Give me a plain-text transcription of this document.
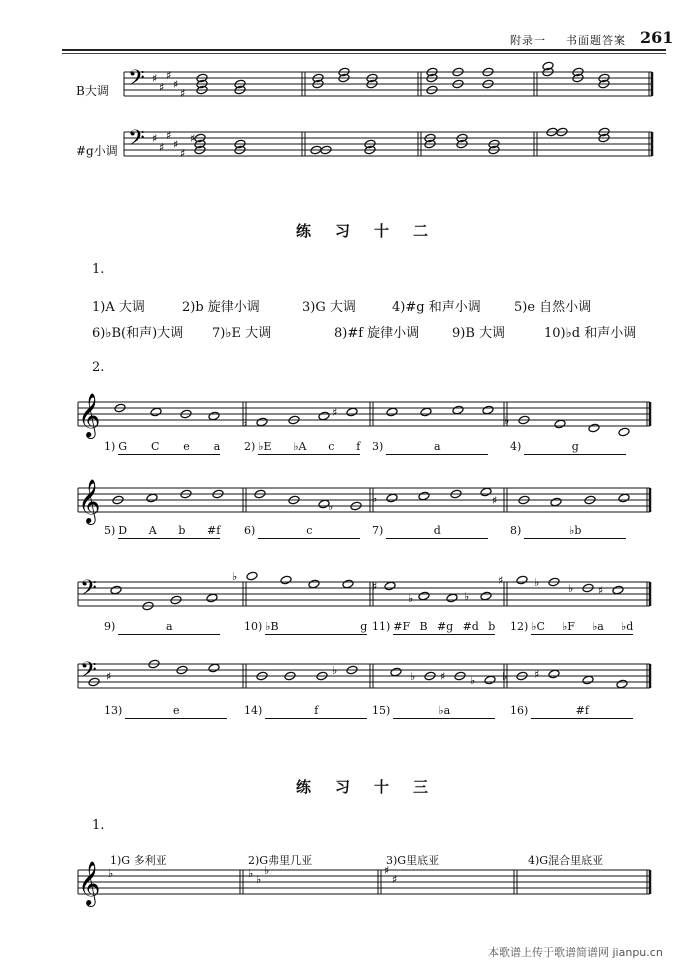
附录一 书面题答案 261
B大调
#g小调
练习十二
1.
1)A 大调	2)b 旋律小调	3)G 大调	4)#g 和声小调	5)e 自然小调
6)♭B(和声)大调 7)♭E 大调	8)#f 旋律小调	9)B 大调	10)♭d 和声小调
2.
1) G C e a 2) ♭E ♭A c f 3)	a	4)	g
5) D A b #f 6)	c	7)	d	8)	♭b
9)	a	10) ♭B	g 11) #F B #g #d b 12) ♭C ♭F ♭a ♭d
13)	e	14)	f	15)	♭a	16)	#f
练习十三
1.
1)G 多利亚	2)G弗里几亚	3)G里底亚	4)G混合里底亚
本歌谱上传于歌谱简谱网 jianpu.cn
𝄢 ♯
♯
♯
♯
♯
𝄢 ♯
♯
♯
♯
♯
♯
𝄞
𝄞
𝄢
𝄢 ♯
♭
♯
♭
♭	♯
♭
♭
♯
♭	♭
♯	♭	♭ ♯
♭	♭ ♯ ♭ ♭ ♯
𝄞 ♭	♭ ♭
♭	♯
♯
